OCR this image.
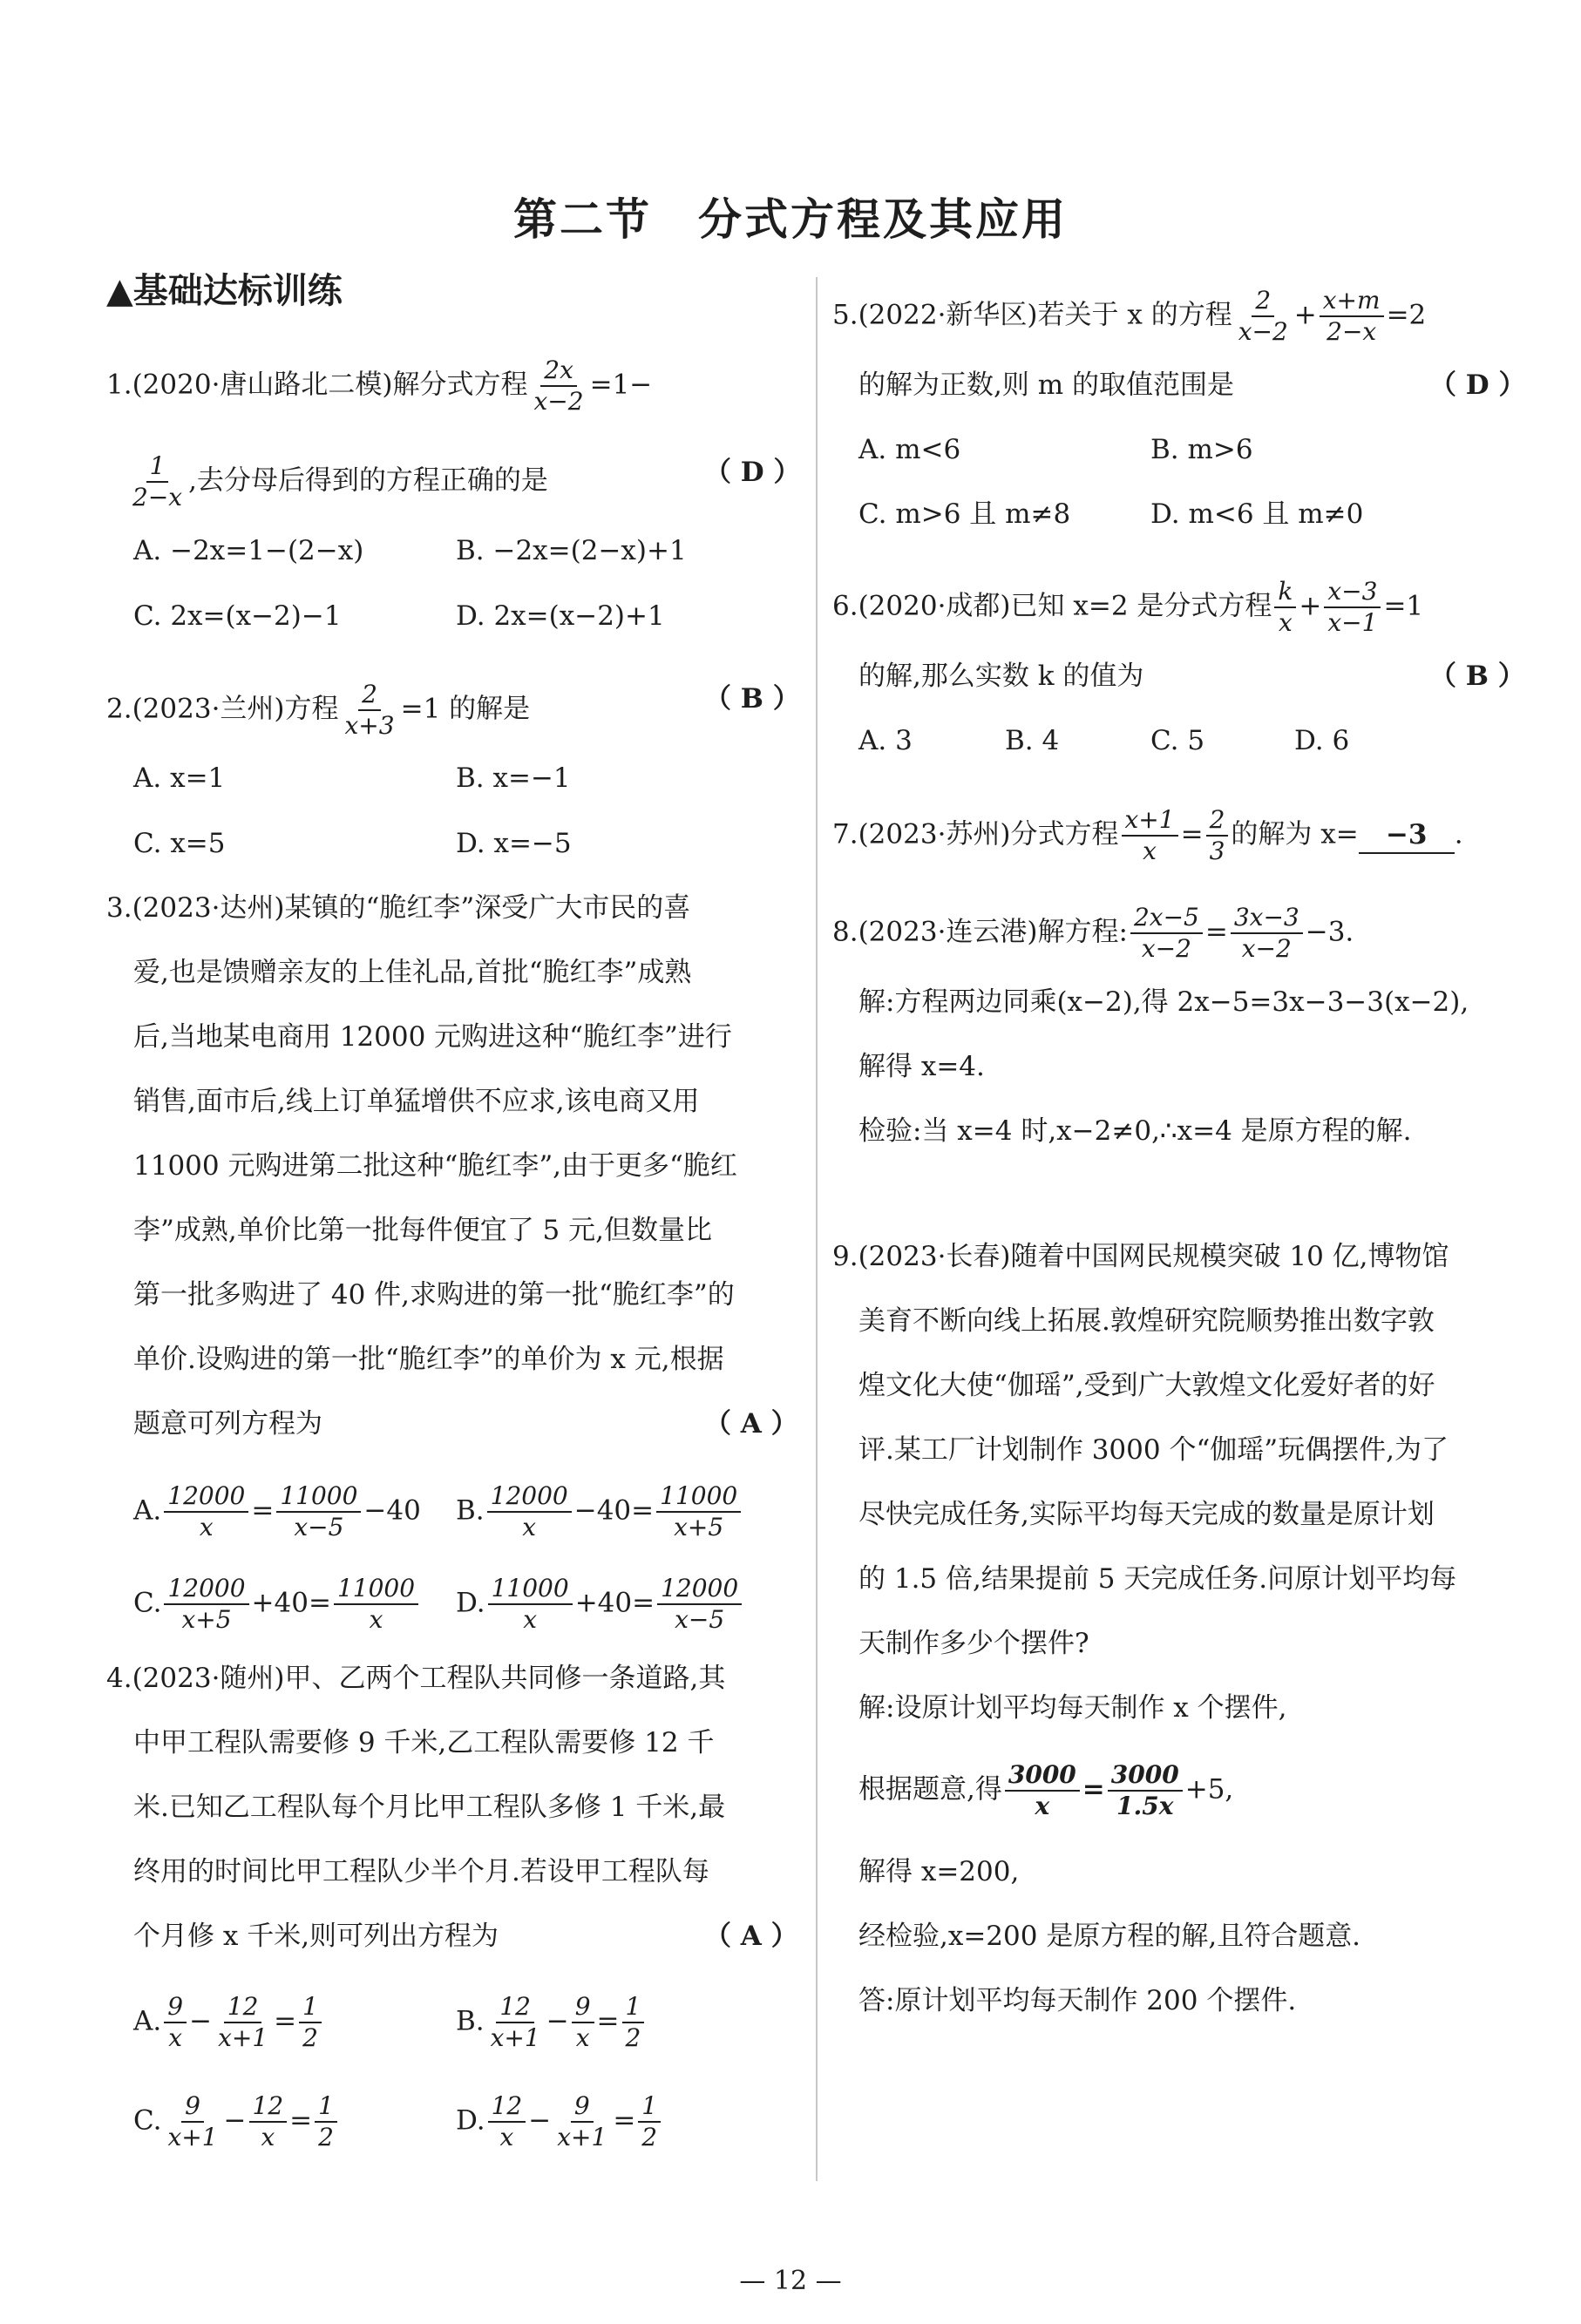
第二节　分式方程及其应用
▲基础达标训练
1.(2020·唐山路北二模)解分式方程 $\frac{2x}{x-2} =1-$
$\frac{1}{2-x}$ ,去分母后得到的方程正确的是	（ D ）
A. −2x=1−(2−x)	B. −2x=(2−x)+1
C. 2x=(x−2)−1	D. 2x=(x−2)+1
2.(2023·兰州)方程 $\frac{2}{x+3} =1$ 的解是	（ B ）
A. x=1	B. x=−1
C. x=5	D. x=−5
3.(2023·达州)某镇的“脆红李”深受广大市民的喜
爱,也是馈赠亲友的上佳礼品,首批“脆红李”成熟
后,当地某电商用 12000 元购进这种“脆红李”进行
销售,面市后,线上订单猛增供不应求,该电商又用
11000 元购进第二批这种“脆红李”,由于更多“脆红
李”成熟,单价比第一批每件便宜了 5 元,但数量比
第一批多购进了 40 件,求购进的第一批“脆红李”的
单价.设购进的第一批“脆红李”的单价为 x 元,根据
题意可列方程为	（ A ）
A. $\frac{12000}{x} = \frac{11000}{x-5} -40$ B. $\frac{12000}{x} -40= \frac{11000}{x+5}$
C. $\frac{12000}{x+5} +40= \frac{11000}{x} D$. $\frac{11000}{x} +40= \frac{12000}{x-5}$
4.(2023·随州)甲、乙两个工程队共同修一条道路,其
中甲工程队需要修 9 千米,乙工程队需要修 12 千
米.已知乙工程队每个月比甲工程队多修 1 千米,最
终用的时间比甲工程队少半个月.若设甲工程队每
个月修 x 千米,则可列出方程为	（ A ）
A. $\frac{9}{x} - \frac{12}{x+1} = \frac{1}{2}$	B. $\frac{12}{x+1} - \frac{9}{x} = \frac{1}{2}$
C. $\frac{9}{x+1} - \frac{12}{x} = \frac{1}{2}$	D. $\frac{12}{x} - \frac{9}{x+1} = \frac{1}{2}$
5.(2022·新华区)若关于 x 的方程 $\frac{2}{x-2} + \frac{x+m}{2-x} =2$
的解为正数,则 m 的取值范围是	（ D ）
A. m<6	B. m>6
C. m>6 且 m≠8	D. m<6 且 m≠0
6.(2020·成都)已知 x=2 是分式方程 $\frac{k}{x} + \frac{x-3}{x-1} =1$
的解,那么实数 k 的值为	（ B ）
A. 3	B. 4	C. 5	D. 6
7.(2023·苏州)分式方程 $\frac{x+1}{x} = \frac{2}{3}$ 的解为 x= −3 .
8.(2023·连云港)解方程: $\frac{2x-5}{x-2} = \frac{3x-3}{x-2} -3$.
解:方程两边同乘(x−2),得 2x−5=3x−3−3(x−2),
解得 x=4.
检验:当 x=4 时,x−2≠0,∴x=4 是原方程的解.
9.(2023·长春)随着中国网民规模突破 10 亿,博物馆
美育不断向线上拓展.敦煌研究院顺势推出数字敦
煌文化大使“伽瑶”,受到广大敦煌文化爱好者的好
评.某工厂计划制作 3000 个“伽瑶”玩偶摆件,为了
尽快完成任务,实际平均每天完成的数量是原计划
的 1.5 倍,结果提前 5 天完成任务.问原计划平均每
天制作多少个摆件?
解:设原计划平均每天制作 x 个摆件,
根据题意,得 $\frac{3000}{x} = \frac{3000}{1.5x} +5$,
解得 x=200,
经检验,x=200 是原方程的解,且符合题意.
答:原计划平均每天制作 200 个摆件.
— 12 —
